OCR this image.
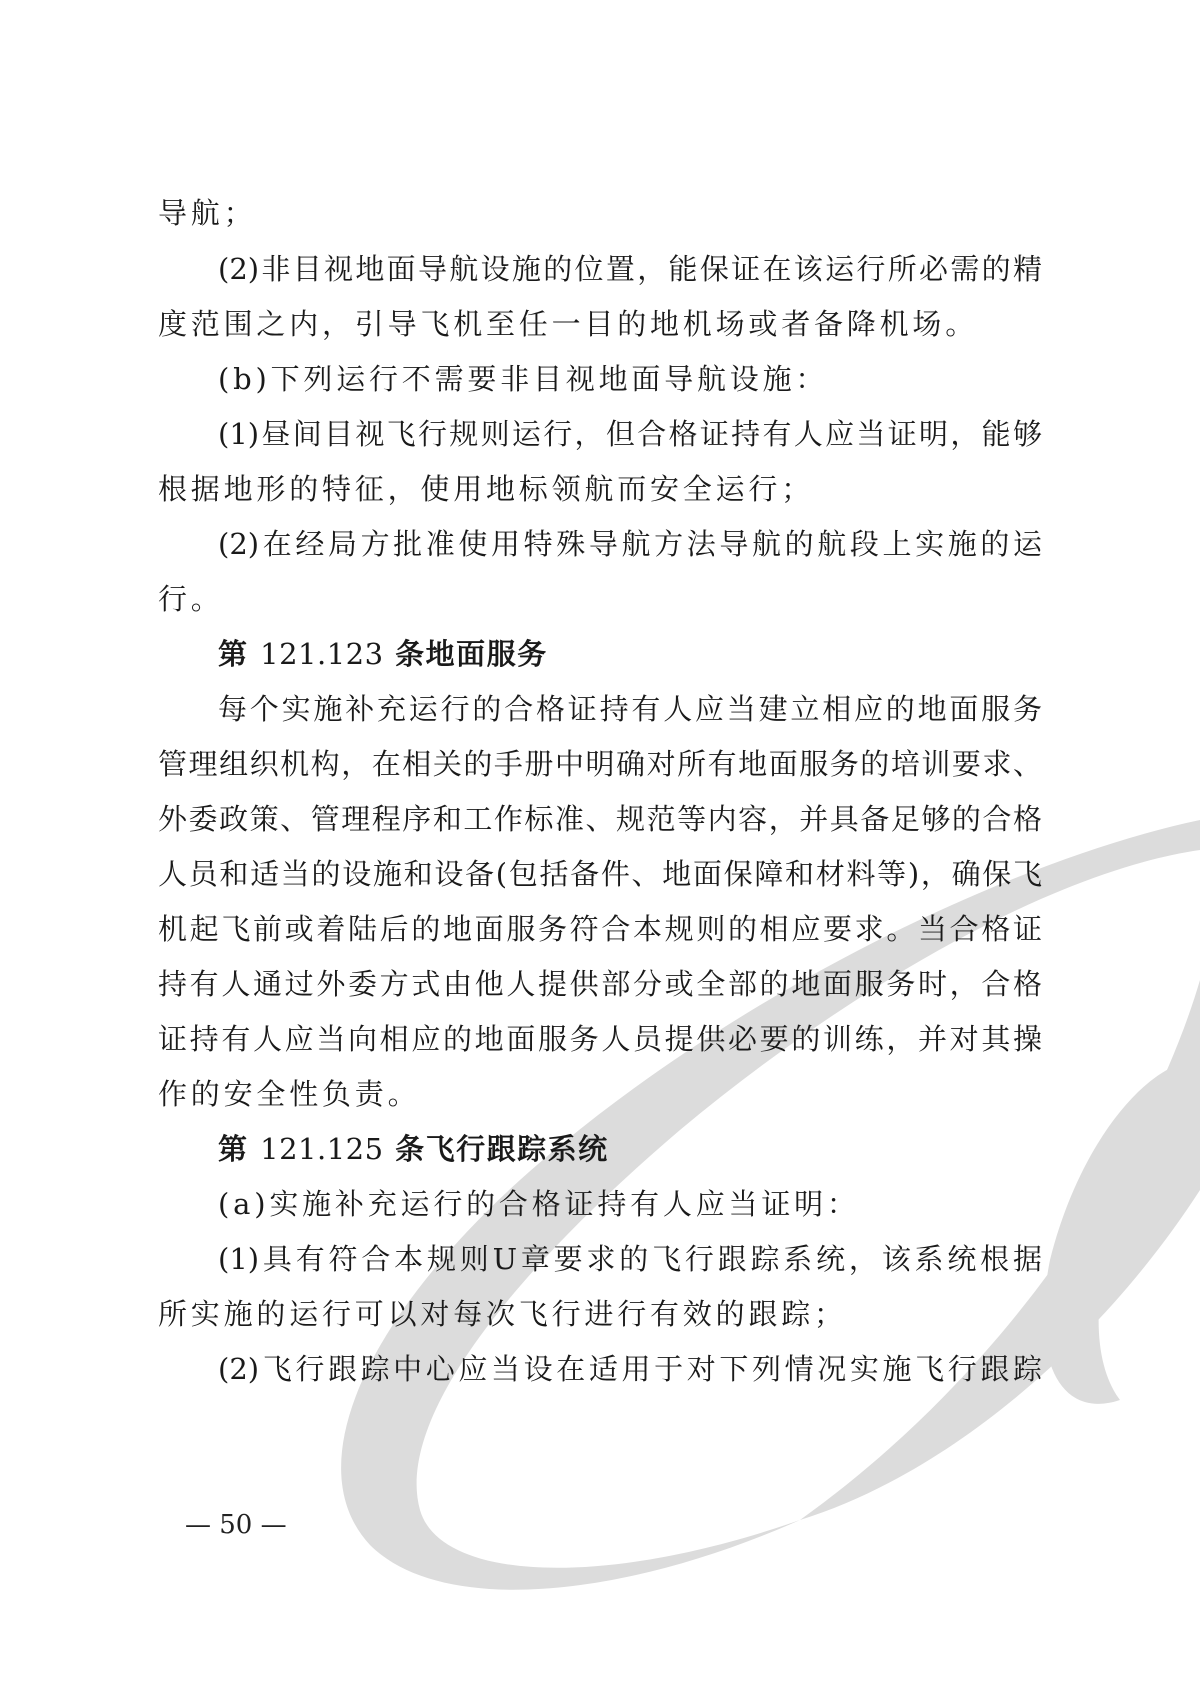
导航；
(2)非目视地面导航设施的位置，能保证在该运行所必需的精
度范围之内，引导飞机至任一目的地机场或者备降机场。
(b)下列运行不需要非目视地面导航设施：
(1)昼间目视飞行规则运行，但合格证持有人应当证明，能够
根据地形的特征，使用地标领航而安全运行；
(2)在经局方批准使用特殊导航方法导航的航段上实施的运
行。
第 121.123 条地面服务
每个实施补充运行的合格证持有人应当建立相应的地面服务
管理组织机构，在相关的手册中明确对所有地面服务的培训要求、
外委政策、管理程序和工作标准、规范等内容，并具备足够的合格
人员和适当的设施和设备(包括备件、地面保障和材料等)，确保飞
机起飞前或着陆后的地面服务符合本规则的相应要求。当合格证
持有人通过外委方式由他人提供部分或全部的地面服务时，合格
证持有人应当向相应的地面服务人员提供必要的训练，并对其操
作的安全性负责。
第 121.125 条飞行跟踪系统
(a)实施补充运行的合格证持有人应当证明：
(1)具有符合本规则U章要求的飞行跟踪系统，该系统根据
所实施的运行可以对每次飞行进行有效的跟踪；
(2)飞行跟踪中心应当设在适用于对下列情况实施飞行跟踪
— 50 —
